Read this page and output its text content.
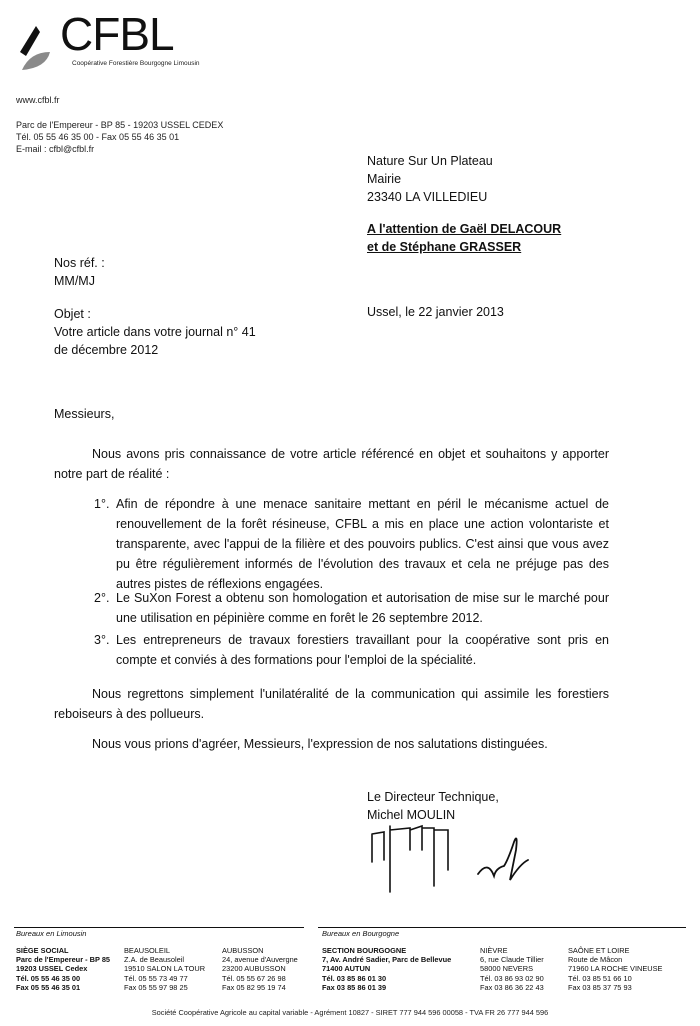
CFBL
Coopérative Forestière Bourgogne Limousin
www.cfbl.fr
Parc de l'Empereur - BP 85 - 19203 USSEL CEDEX
Tél. 05 55 46 35 00 - Fax 05 55 46 35 01
E-mail : cfbl@cfbl.fr
Nature Sur Un Plateau
Mairie
23340 LA VILLEDIEU
A l'attention de Gaël DELACOUR
et de Stéphane GRASSER
Nos réf. :
MM/MJ
Objet :
Votre article dans votre journal n° 41
de décembre 2012
Ussel, le 22 janvier 2013
Messieurs,
Nous avons pris connaissance de votre article référencé en objet et souhaitons y apporter notre part de réalité :
1°. Afin de répondre à une menace sanitaire mettant en péril le mécanisme actuel de renouvellement de la forêt résineuse, CFBL a mis en place une action volontariste et transparente, avec l'appui de la filière et des pouvoirs publics. C'est ainsi que vous avez pu être régulièrement informés de l'évolution des travaux et cela ne préjuge pas des autres pistes de réflexions engagées.
2°. Le SuXon Forest a obtenu son homologation et autorisation de mise sur le marché pour une utilisation en pépinière comme en forêt le 26 septembre 2012.
3°. Les entrepreneurs de travaux forestiers travaillant pour la coopérative sont pris en compte et conviés à des formations pour l'emploi de la spécialité.
Nous regrettons simplement l'unilatéralité de la communication qui assimile les forestiers reboiseurs à des pollueurs.
Nous vous prions d'agréer, Messieurs, l'expression de nos salutations distinguées.
Le Directeur Technique,
Michel MOULIN
Bureaux en Limousin	Bureaux en Bourgogne
SIÈGE SOCIAL
Parc de l'Empereur - BP 85
19203 USSEL Cedex
Tél. 05 55 46 35 00
Fax 05 55 46 35 01
BEAUSOLEIL
Z.A. de Beausoleil
19510 SALON LA TOUR
Tél. 05 55 73 49 77
Fax 05 55 97 98 25
AUBUSSON
24, avenue d'Auvergne
23200 AUBUSSON
Tél. 05 55 67 26 98
Fax 05 82 95 19 74
SECTION BOURGOGNE
7, Av. André Sadier, Parc de Bellevue
71400 AUTUN
Tél. 03 85 86 01 30
Fax 03 85 86 01 39
NIÈVRE
6, rue Claude Tillier
58000 NEVERS
Tél. 03 86 93 02 90
Fax 03 86 36 22 43
SAÔNE ET LOIRE
Route de Mâcon
71960 LA ROCHE VINEUSE
Tél. 03 85 51 66 10
Fax 03 85 37 75 93
Société Coopérative Agricole au capital variable - Agrément 10827 - SIRET 777 944 596 00058 - TVA FR 26 777 944 596
